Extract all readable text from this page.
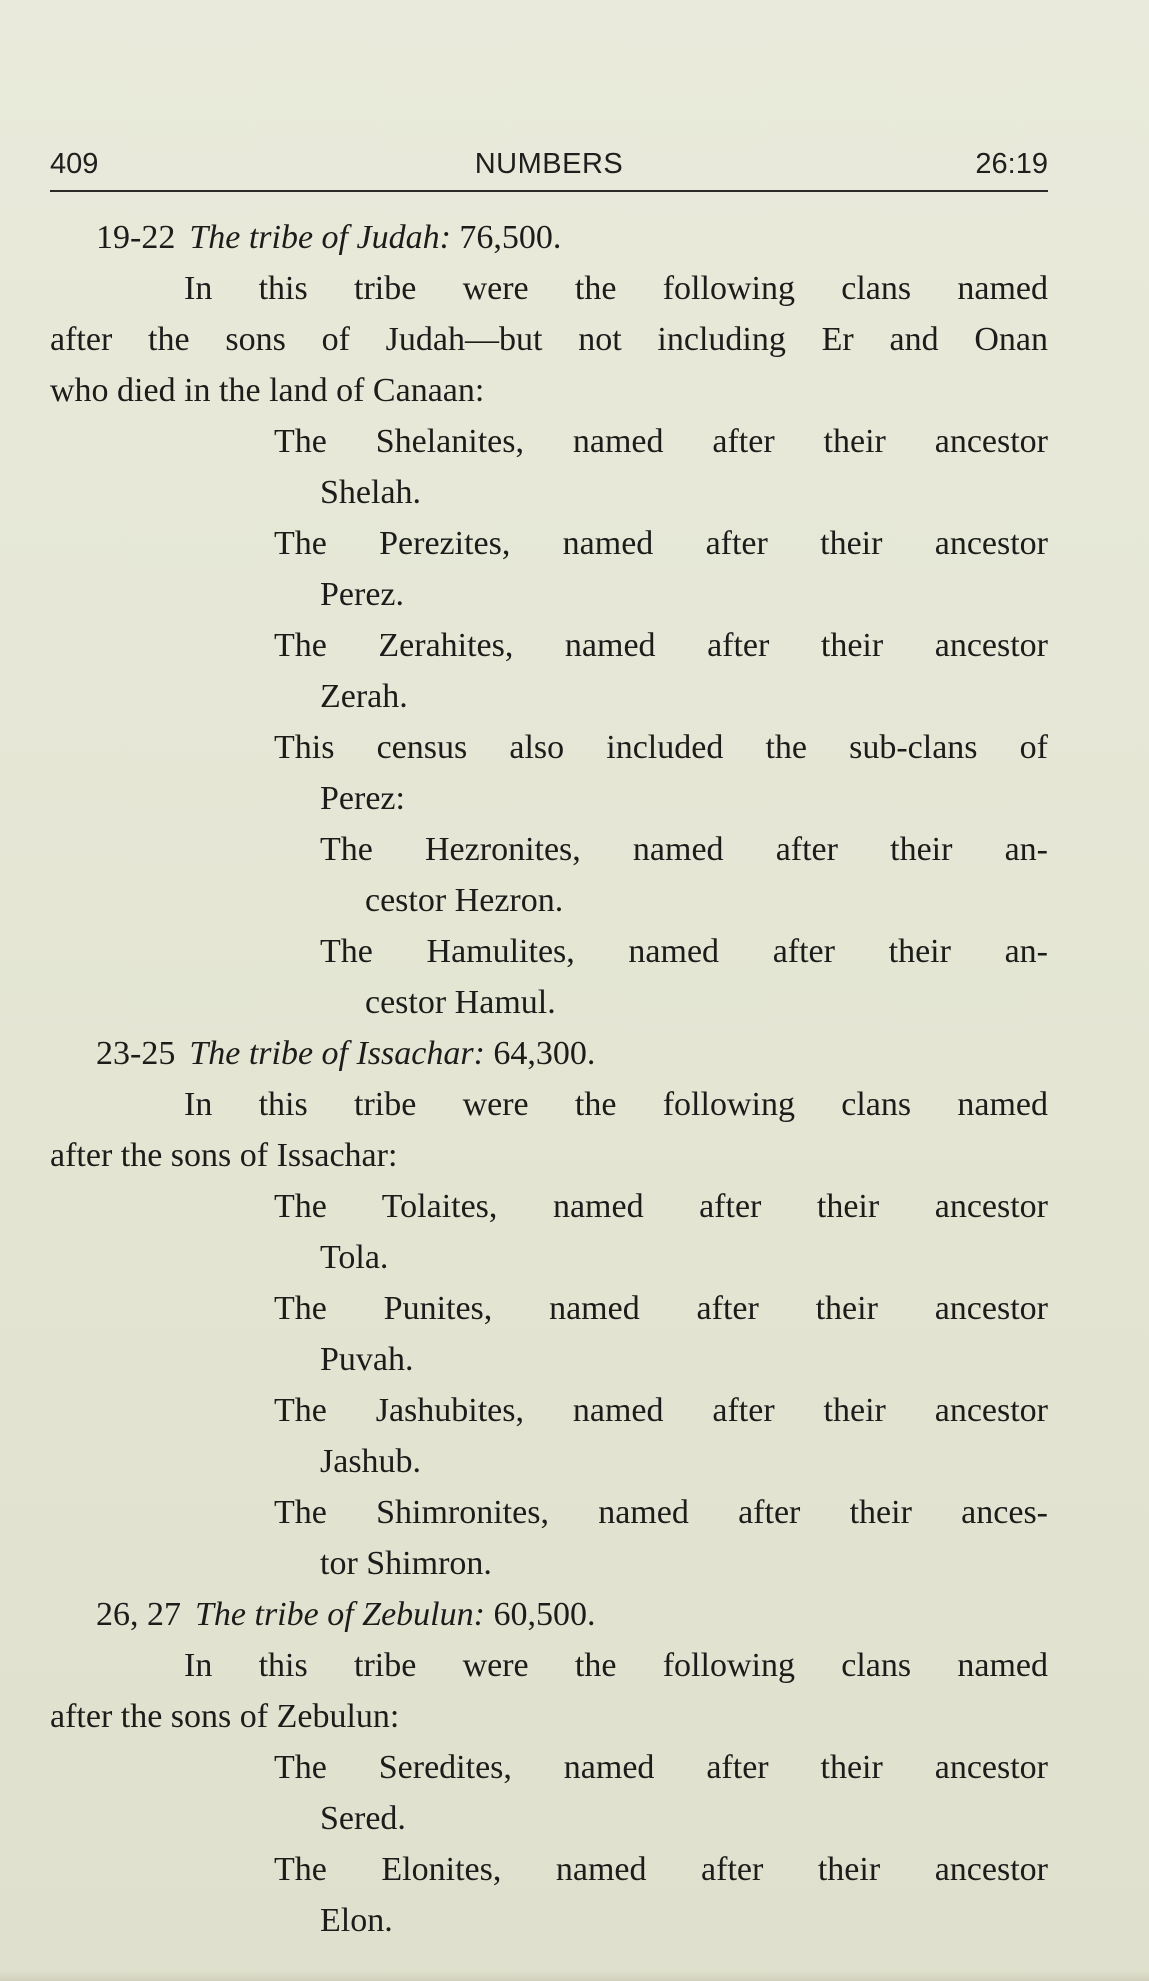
409	NUMBERS	26:19
19-22 The tribe of Judah: 76,500.
In this tribe were the following clans named
after the sons of Judah—but not including Er and Onan
who died in the land of Canaan:
The Shelanites, named after their ancestor
Shelah.
The Perezites, named after their ancestor
Perez.
The Zerahites, named after their ancestor
Zerah.
This census also included the sub-clans of
Perez:
The Hezronites, named after their an-
cestor Hezron.
The Hamulites, named after their an-
cestor Hamul.
23-25 The tribe of Issachar: 64,300.
In this tribe were the following clans named
after the sons of Issachar:
The Tolaites, named after their ancestor
Tola.
The Punites, named after their ancestor
Puvah.
The Jashubites, named after their ancestor
Jashub.
The Shimronites, named after their ances-
tor Shimron.
26, 27 The tribe of Zebulun: 60,500.
In this tribe were the following clans named
after the sons of Zebulun:
The Seredites, named after their ancestor
Sered.
The Elonites, named after their ancestor
Elon.
